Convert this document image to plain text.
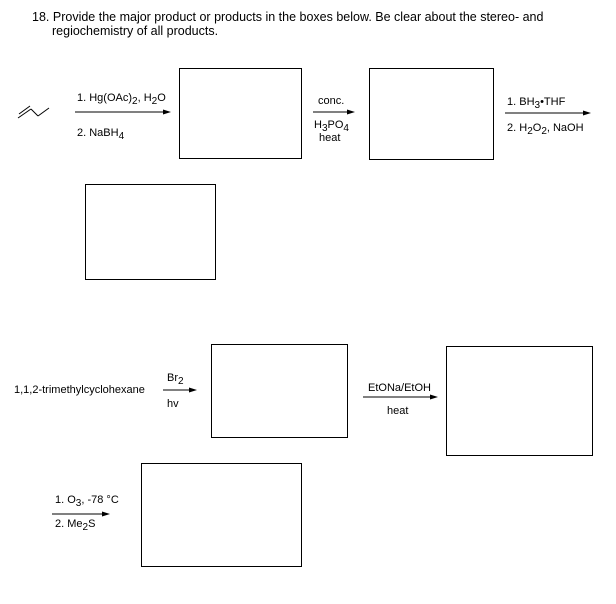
18. Provide the major product or products in the boxes below. Be clear about the stereo- and
regiochemistry of all products.
1. $Hg(OAc)_2$, $H_2O$
2. NaBH$_4$
conc.
$H_3PO_4$
heat
1. $BH_3•THF$
2. $H_2O_2$, NaOH
1,1,2-trimethylcyclohexane
$Br_2$
hv
EtONa/EtOH
heat
1. $O_3$, -78 °C
2. $Me_2S$
